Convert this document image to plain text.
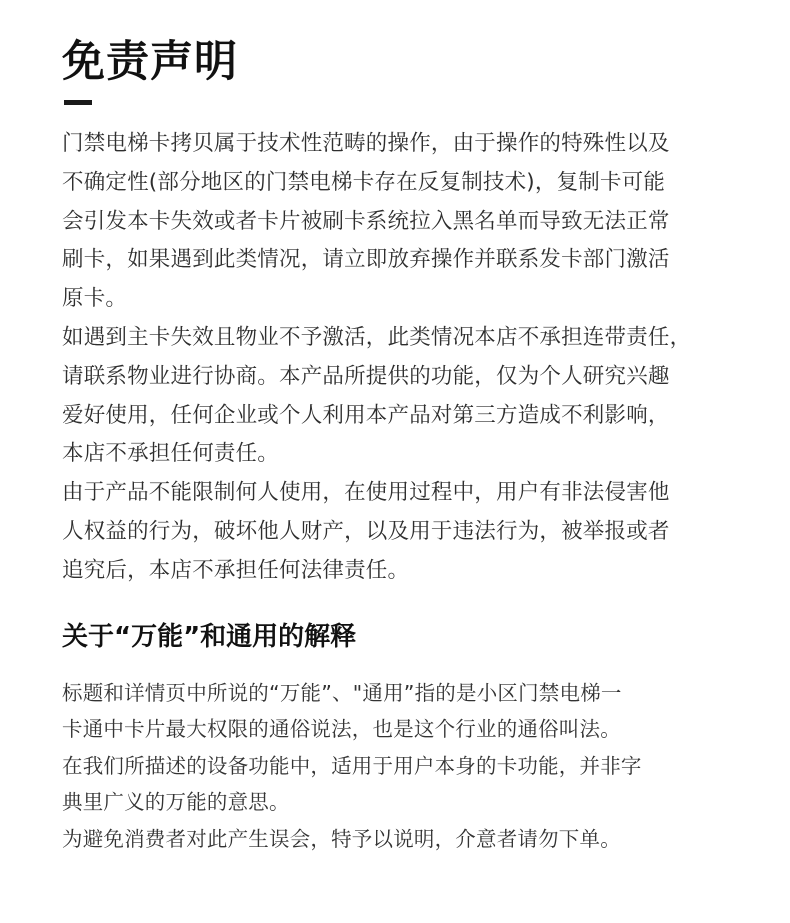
免责声明

门禁电梯卡拷贝属于技术性范畴的操作，由于操作的特殊性以及
不确定性(部分地区的门禁电梯卡存在反复制技术)，复制卡可能
会引发本卡失效或者卡片被刷卡系统拉入黑名单而导致无法正常
刷卡，如果遇到此类情况，请立即放弃操作并联系发卡部门激活
原卡。

如遇到主卡失效且物业不予激活，此类情况本店不承担连带责任，
请联系物业进行协商。本产品所提供的功能，仅为个人研究兴趣
爱好使用，任何企业或个人利用本产品对第三方造成不利影响，
本店不承担任何责任。

由于产品不能限制何人使用，在使用过程中，用户有非法侵害他
人权益的行为，破坏他人财产，以及用于违法行为，被举报或者
追究后，本店不承担任何法律责任。

关于“万能”和通用的解释

标题和详情页中所说的“万能”、"通用”指的是小区门禁电梯一
卡通中卡片最大权限的通俗说法，也是这个行业的通俗叫法。

在我们所描述的设备功能中，适用于用户本身的卡功能，并非字
典里广义的万能的意思。

为避免消费者对此产生误会，特予以说明，介意者请勿下单。
